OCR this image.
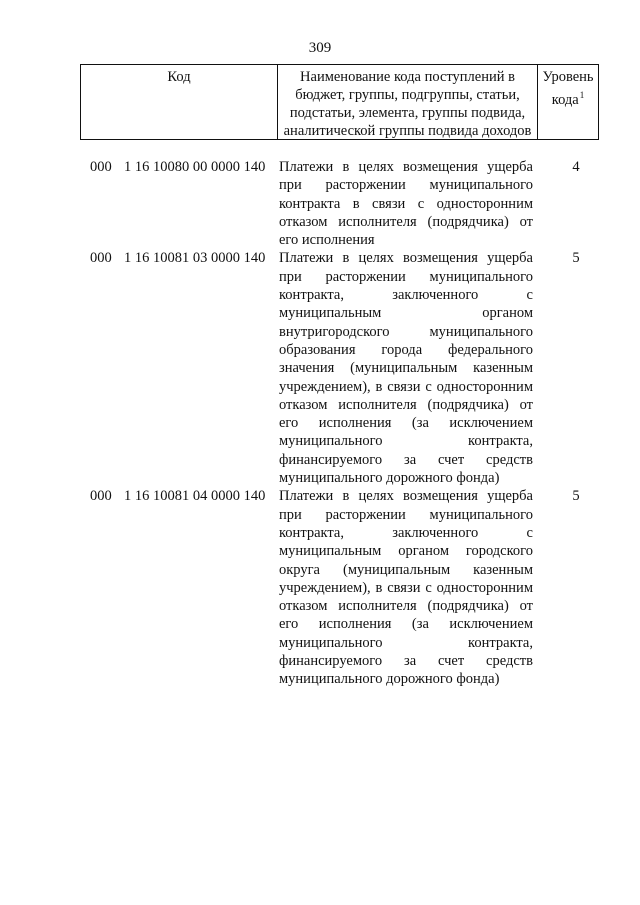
309
Код	Наименование кода поступлений в бюджет, группы, подгруппы, статьи, подстатьи, элемента, группы подвида, аналитической группы подвида доходов
Уровень кода$^1$
000 1 16 10080 00 0000 140 Платежи в целях возмещения ущерба при расторжении муниципального контракта в связи с односторонним отказом исполнителя (подрядчика) от его исполнения
4
000 1 16 10081 03 0000 140 Платежи в целях возмещения ущерба при расторжении муниципального контракта, заключенного с муниципальным органом внутригородского муниципального образования города федерального значения (муниципальным казенным учреждением), в связи с односторонним отказом исполнителя (подрядчика) от его исполнения (за исключением муниципального контракта, финансируемого за счет средств муниципального дорожного фонда)
5
000 1 16 10081 04 0000 140 Платежи в целях возмещения ущерба при расторжении муниципального контракта, заключенного с муниципальным органом городского округа (муниципальным казенным учреждением), в связи с односторонним отказом исполнителя (подрядчика) от его исполнения (за исключением муниципального контракта, финансируемого за счет средств муниципального дорожного фонда)
5
